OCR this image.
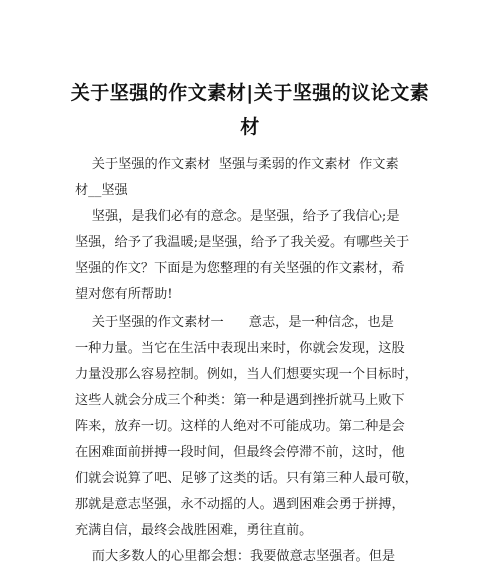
关于坚强的作文素材|关于坚强的议论文素
材
关于坚强的作文素材  坚强与柔弱的作文素材  作文素
材__坚强
坚强，是我们必有的意念。是坚强，给予了我信心;是
坚强，给予了我温暖;是坚强，给予了我关爱。有哪些关于
坚强的作文？下面是为您整理的有关坚强的作文素材，希
望对您有所帮助!
关于坚强的作文素材一      意志，是一种信念，也是
一种力量。当它在生活中表现出来时，你就会发现，这股
力量没那么容易控制。例如，当人们想要实现一个目标时，
这些人就会分成三个种类：第一种是遇到挫折就马上败下
阵来，放弃一切。这样的人绝对不可能成功。第二种是会
在困难面前拼搏一段时间，但最终会停滞不前，这时，他
们就会说算了吧、足够了这类的话。只有第三种人最可敬，
那就是意志坚强，永不动摇的人。遇到困难会勇于拼搏，
充满自信，最终会战胜困难，勇往直前。
而大多数人的心里都会想：我要做意志坚强者。但是
